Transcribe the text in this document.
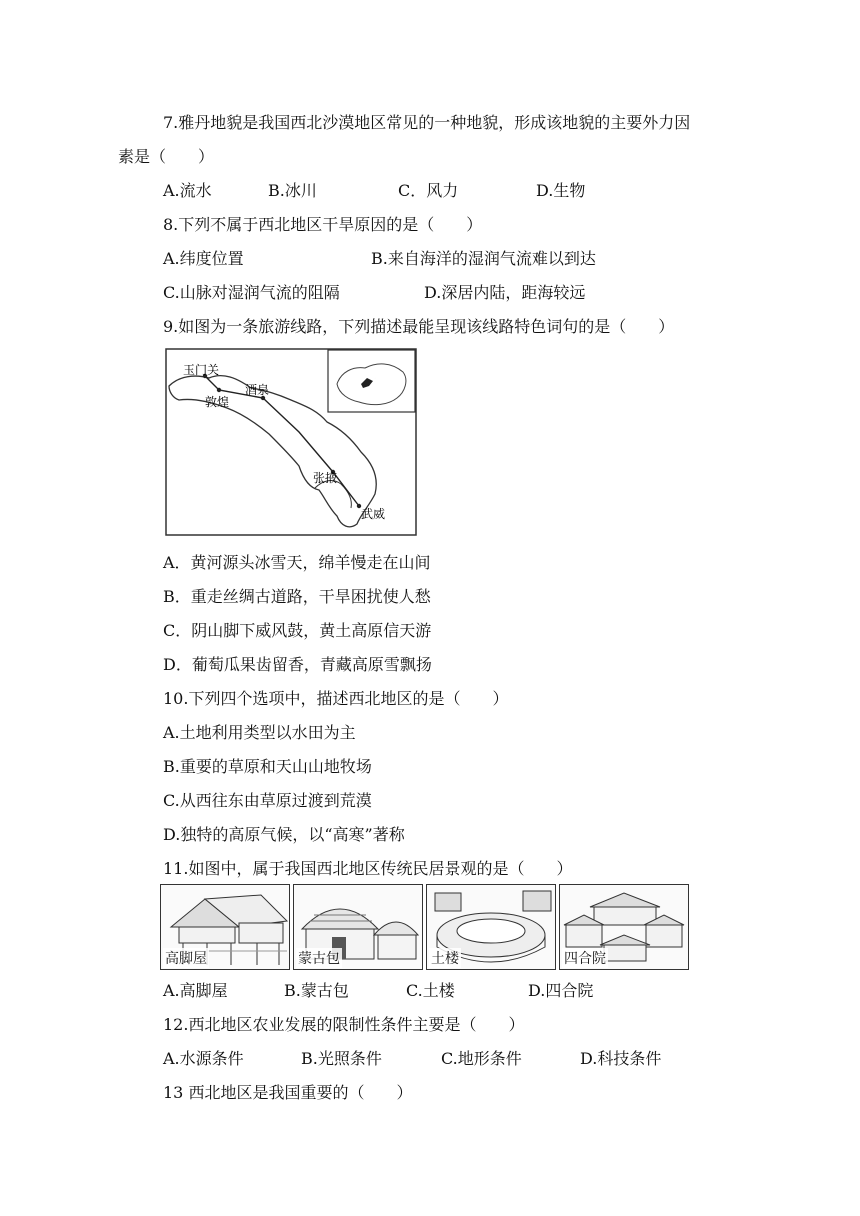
7.雅丹地貌是我国西北沙漠地区常见的一种地貌，形成该地貌的主要外力因
素是（　　）
A.流水	B.冰川	C．风力	D.生物
8.下列不属于西北地区干旱原因的是（　　）
A.纬度位置	B.来自海洋的湿润气流难以到达
C.山脉对湿润气流的阻隔	D.深居内陆，距海较远
9.如图为一条旅游线路，下列描述最能呈现该线路特色词句的是（　　）
玉门关
敦煌
酒泉
张掖
武威
A．黄河源头冰雪天，绵羊慢走在山间
B．重走丝绸古道路，干旱困扰使人愁
C．阴山脚下威风鼓，黄土高原信天游
D．葡萄瓜果齿留香，青藏高原雪飘扬
10.下列四个选项中，描述西北地区的是（　　）
A.土地利用类型以水田为主
B.重要的草原和天山山地牧场
C.从西往东由草原过渡到荒漠
D.独特的高原气候，以“高寒”著称
11.如图中，属于我国西北地区传统民居景观的是（　　）
高脚屋	蒙古包	土楼	四合院
A.高脚屋	B.蒙古包	C.土楼	D.四合院
12.西北地区农业发展的限制性条件主要是（　　）
A.水源条件	B.光照条件	C.地形条件	D.科技条件
13 西北地区是我国重要的（　　）
